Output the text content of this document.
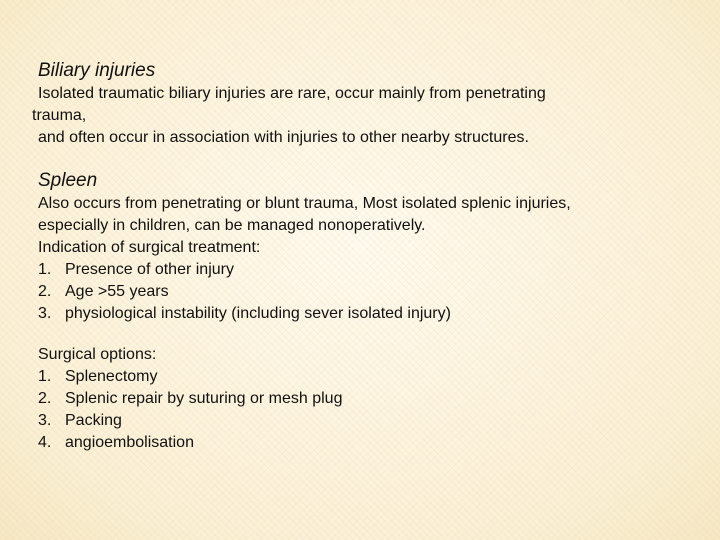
Biliary injuries

Isolated traumatic biliary injuries are rare, occur mainly from penetrating

trauma,

and often occur in association with injuries to other nearby structures.

Spleen

Also occurs from penetrating or blunt trauma, Most isolated splenic injuries,

especially in children, can be managed nonoperatively.

Indication of surgical treatment:

1. Presence of other injury
2. Age >55 years
3. physiological instability (including sever isolated injury)

Surgical options:

1. Splenectomy
2. Splenic repair by suturing or mesh plug
3. Packing
4. angioembolisation
